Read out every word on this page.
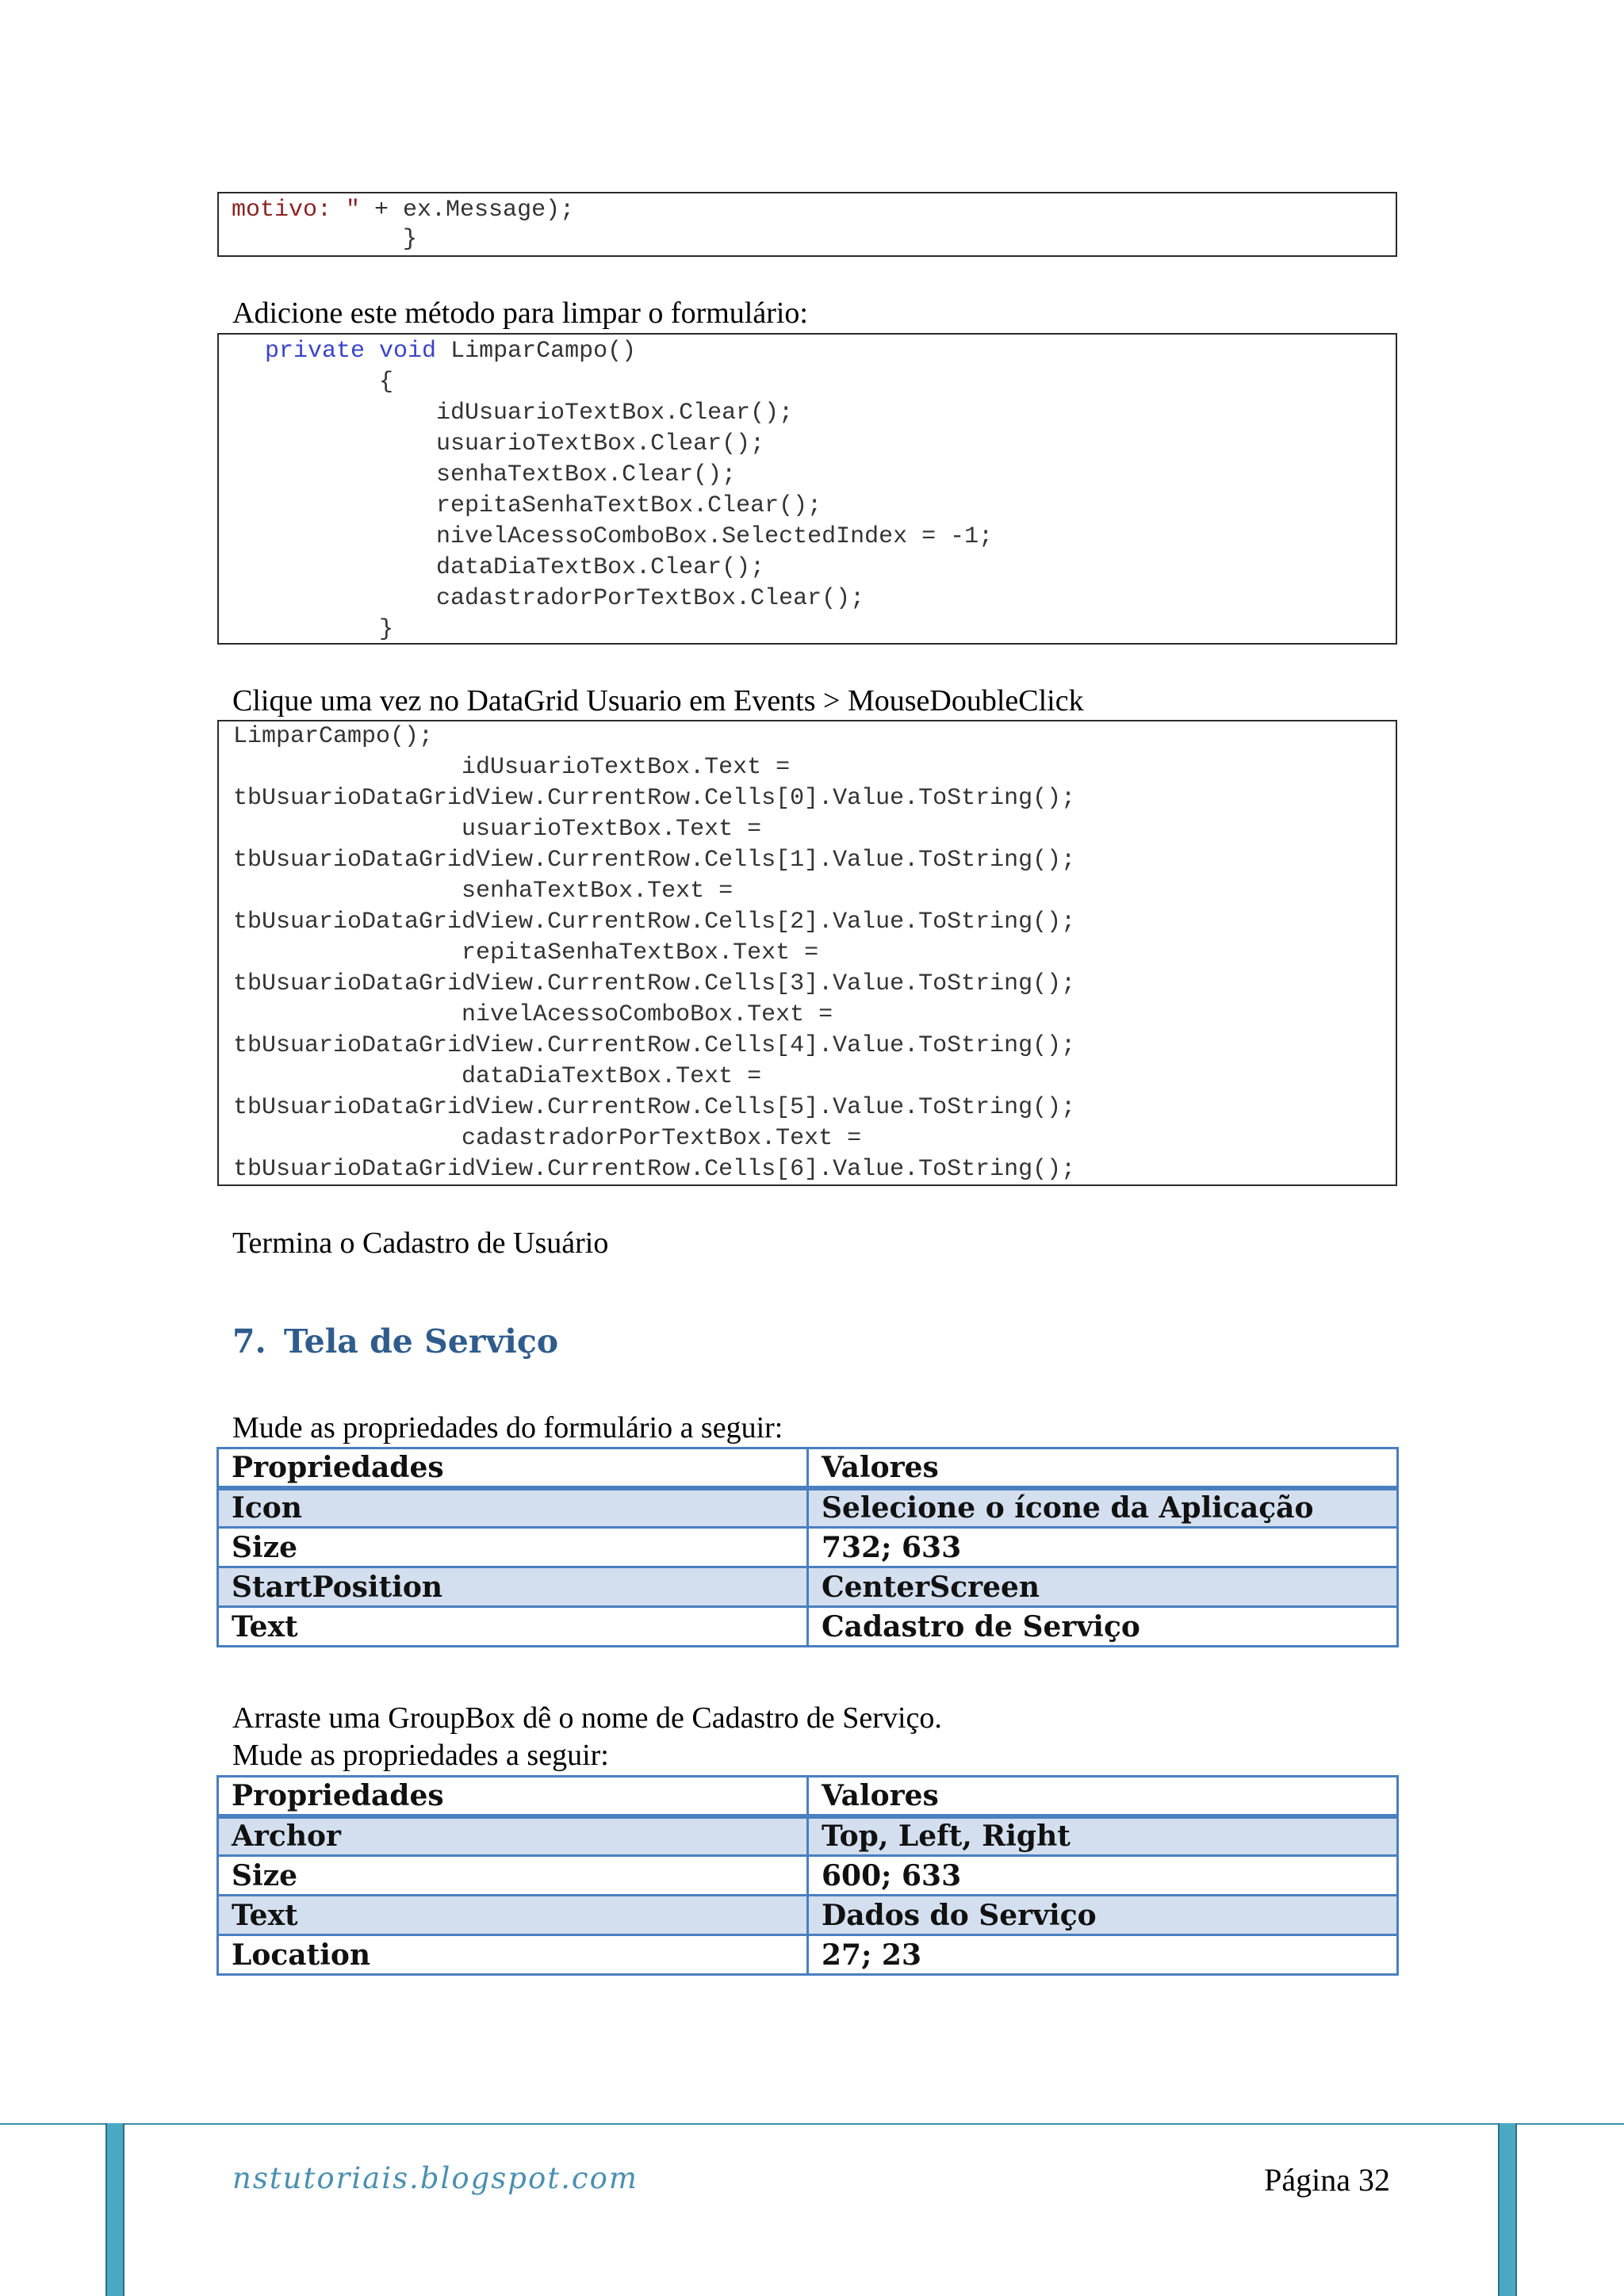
motivo: " + ex.Message);
}
Adicione este método para limpar o formulário:
private void LimparCampo()
{
idUsuarioTextBox.Clear();
usuarioTextBox.Clear();
senhaTextBox.Clear();
repitaSenhaTextBox.Clear();
nivelAcessoComboBox.SelectedIndex = -1;
dataDiaTextBox.Clear();
cadastradorPorTextBox.Clear();
}
Clique uma vez no DataGrid Usuario em Events > MouseDoubleClick
LimparCampo();
idUsuarioTextBox.Text =
tbUsuarioDataGridView.CurrentRow.Cells[0].Value.ToString();
usuarioTextBox.Text =
tbUsuarioDataGridView.CurrentRow.Cells[1].Value.ToString();
senhaTextBox.Text =
tbUsuarioDataGridView.CurrentRow.Cells[2].Value.ToString();
repitaSenhaTextBox.Text =
tbUsuarioDataGridView.CurrentRow.Cells[3].Value.ToString();
nivelAcessoComboBox.Text =
tbUsuarioDataGridView.CurrentRow.Cells[4].Value.ToString();
dataDiaTextBox.Text =
tbUsuarioDataGridView.CurrentRow.Cells[5].Value.ToString();
cadastradorPorTextBox.Text =
tbUsuarioDataGridView.CurrentRow.Cells[6].Value.ToString();
Termina o Cadastro de Usuário
7. Tela de Serviço
Mude as propriedades do formulário a seguir:
Propriedades	Valores
Icon	Selecione o ícone da Aplicação
Size	732; 633
StartPosition	CenterScreen
Text	Cadastro de Serviço
Arraste uma GroupBox dê o nome de Cadastro de Serviço.
Mude as propriedades a seguir:
Propriedades	Valores
Archor	Top, Left, Right
Size	600; 633
Text	Dados do Serviço
Location	27; 23
nstutoriais.blogspot.com	Página 32
